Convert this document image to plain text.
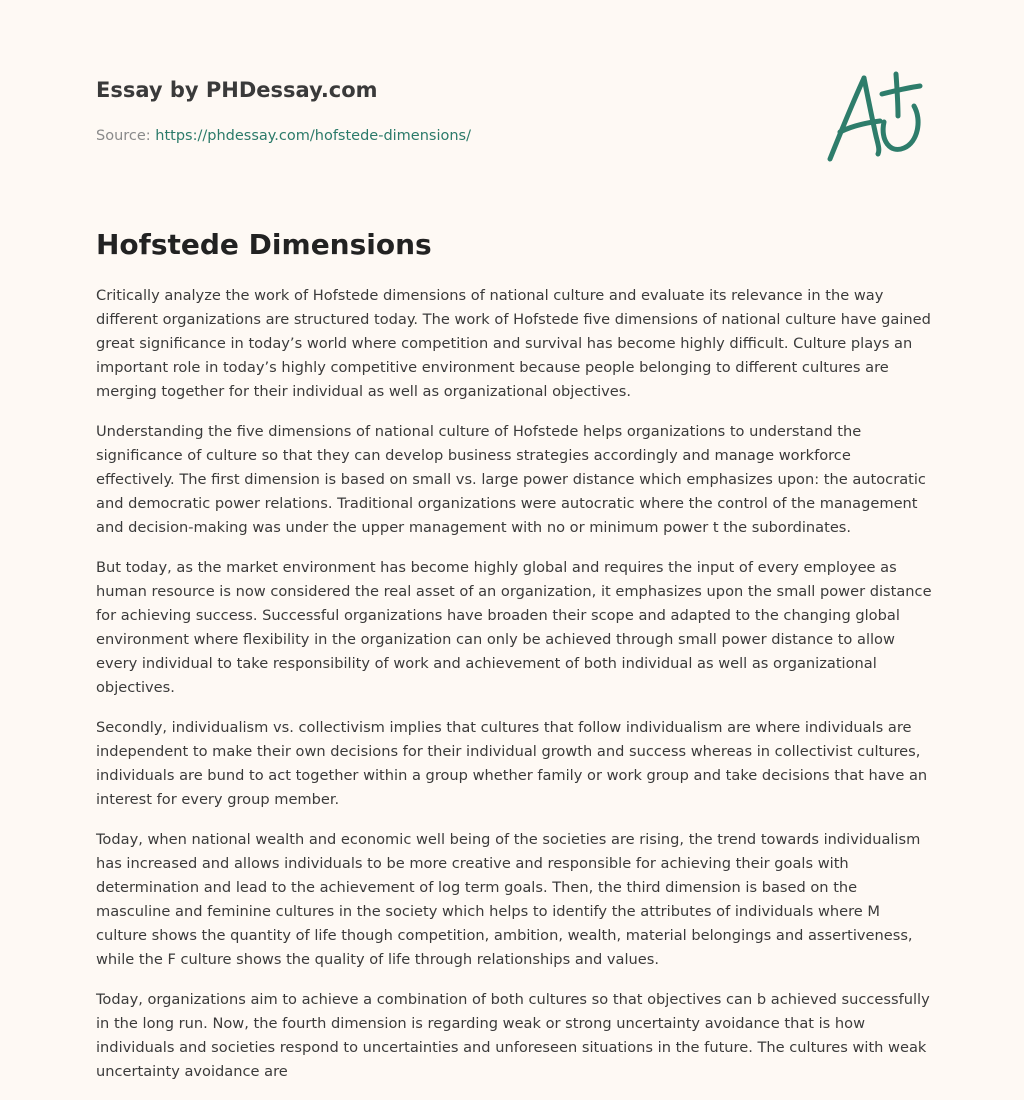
Essay by PHDessay.com
Source: https://phdessay.com/hofstede-dimensions/
Hofstede Dimensions

Critically analyze the work of Hofstede dimensions of national culture and evaluate its relevance in the way different organizations are structured today. The work of Hofstede five dimensions of national culture have gained great significance in today’s world where competition and survival has become highly difficult. Culture plays an important role in today’s highly competitive environment because people belonging to different cultures are merging together for their individual as well as organizational objectives.

Understanding the five dimensions of national culture of Hofstede helps organizations to understand the significance of culture so that they can develop business strategies accordingly and manage workforce effectively. The first dimension is based on small vs. large power distance which emphasizes upon: the autocratic and democratic power relations. Traditional organizations were autocratic where the control of the management and decision-making was under the upper management with no or minimum power t the subordinates.

But today, as the market environment has become highly global and requires the input of every employee as human resource is now considered the real asset of an organization, it emphasizes upon the small power distance for achieving success. Successful organizations have broaden their scope and adapted to the changing global environment where flexibility in the organization can only be achieved through small power distance to allow every individual to take responsibility of work and achievement of both individual as well as organizational objectives.

Secondly, individualism vs. collectivism implies that cultures that follow individualism are where individuals are independent to make their own decisions for their individual growth and success whereas in collectivist cultures, individuals are bund to act together within a group whether family or work group and take decisions that have an interest for every group member.

Today, when national wealth and economic well being of the societies are rising, the trend towards individualism has increased and allows individuals to be more creative and responsible for achieving their goals with determination and lead to the achievement of log term goals. Then, the third dimension is based on the masculine and feminine cultures in the society which helps to identify the attributes of individuals where M culture shows the quantity of life though competition, ambition, wealth, material belongings and assertiveness, while the F culture shows the quality of life through relationships and values.

Today, organizations aim to achieve a combination of both cultures so that objectives can b achieved successfully in the long run. Now, the fourth dimension is regarding weak or strong uncertainty avoidance that is how individuals and societies respond to uncertainties and unforeseen situations in the future. The cultures with weak uncertainty avoidance are
